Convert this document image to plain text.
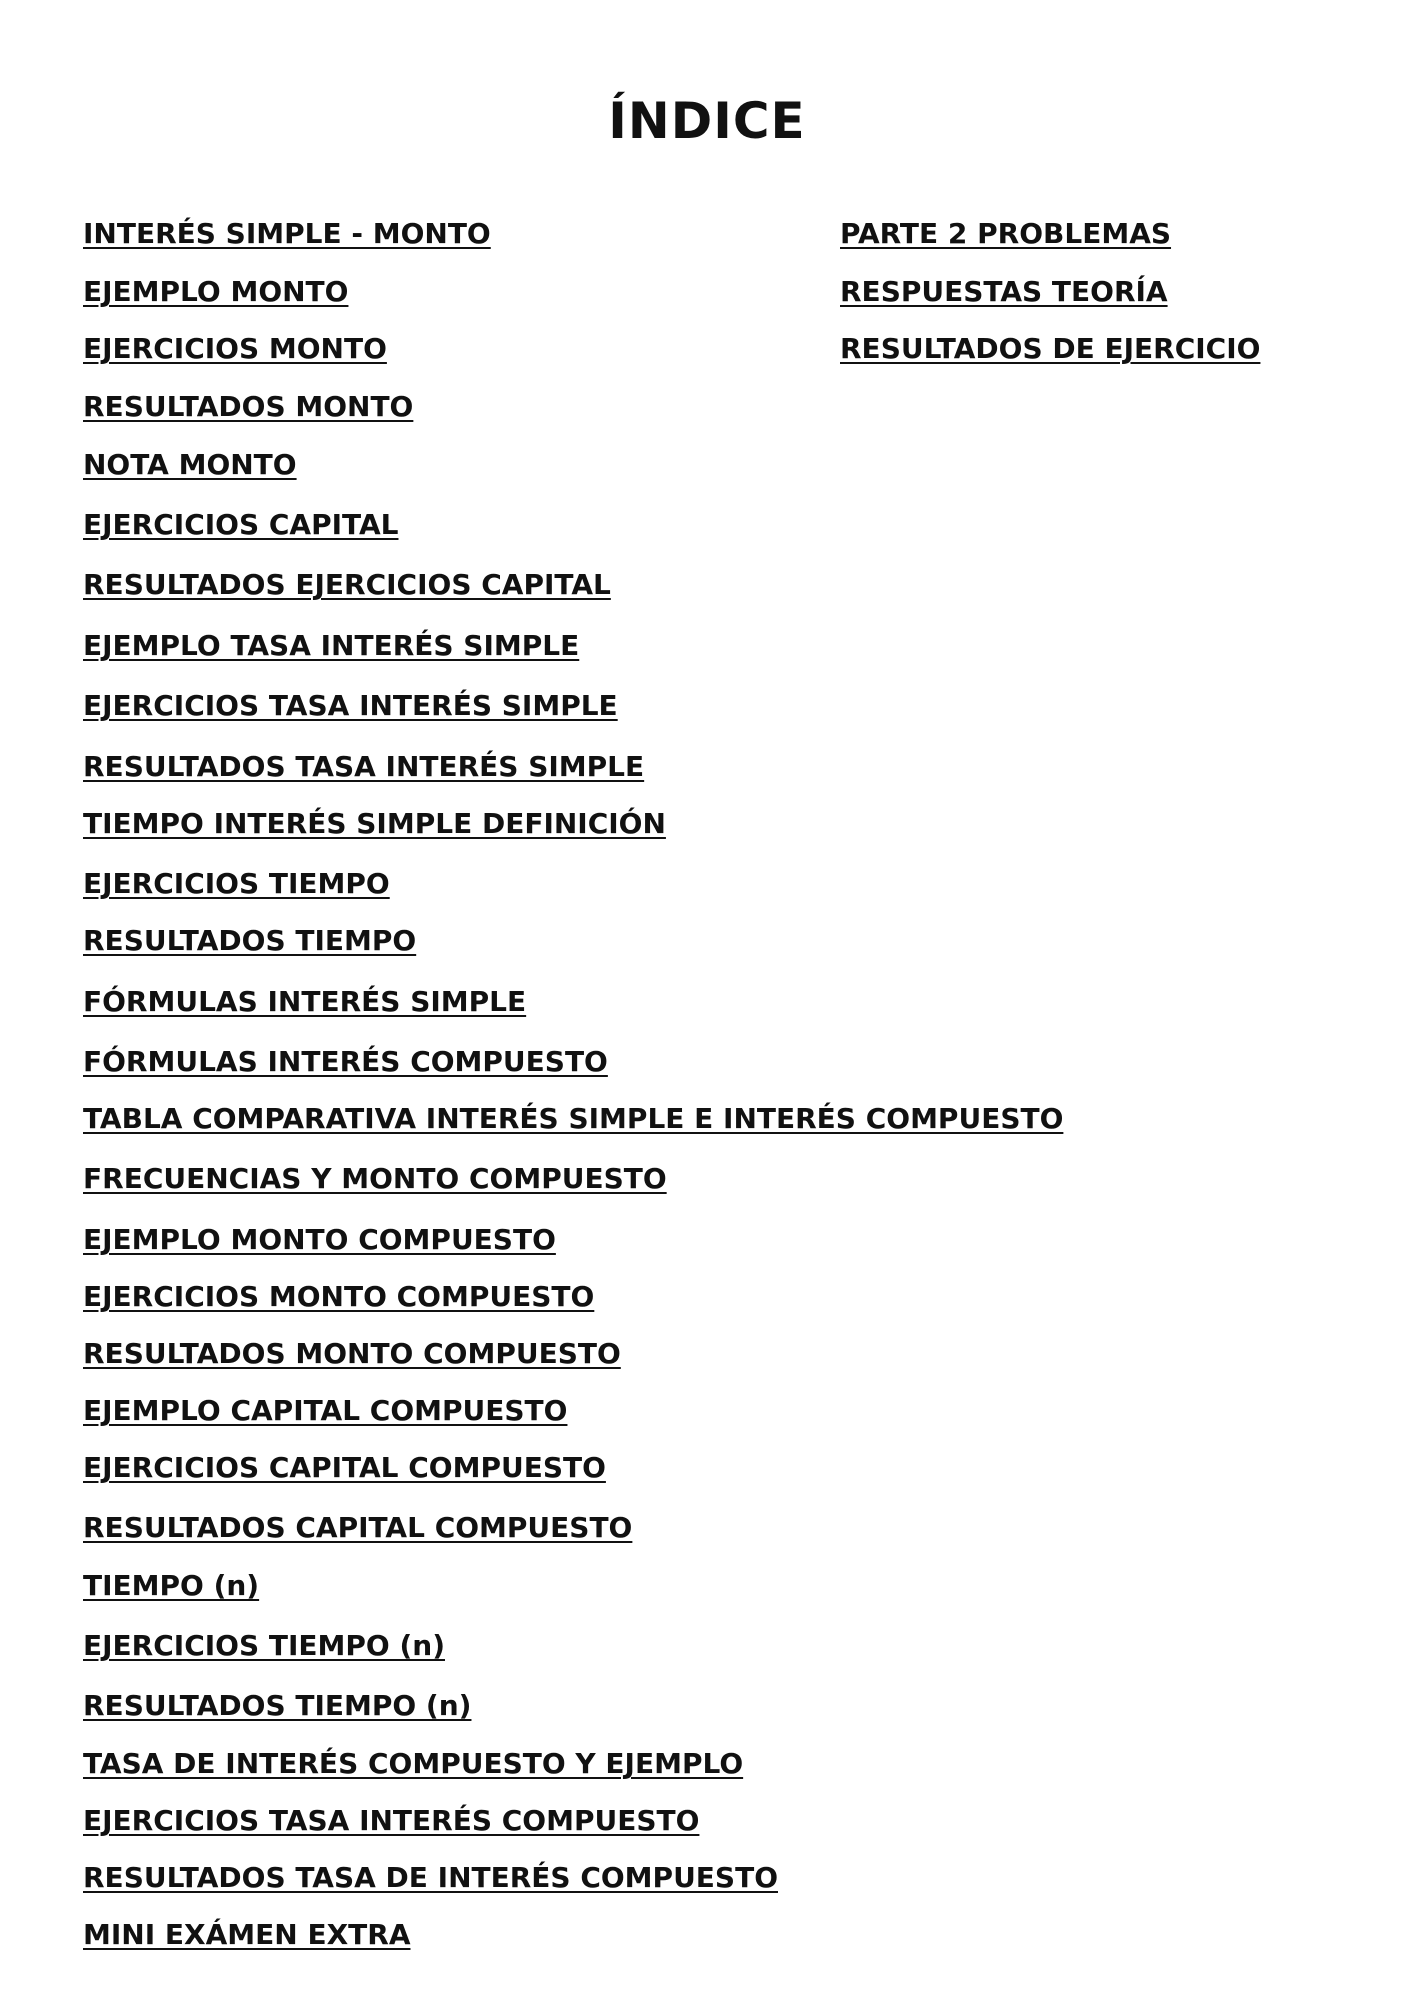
ÍNDICE
INTERÉS SIMPLE - MONTO
EJEMPLO MONTO
EJERCICIOS MONTO
RESULTADOS MONTO
NOTA MONTO
EJERCICIOS CAPITAL
RESULTADOS EJERCICIOS CAPITAL
EJEMPLO TASA INTERÉS SIMPLE
EJERCICIOS TASA INTERÉS SIMPLE
RESULTADOS TASA INTERÉS SIMPLE
TIEMPO INTERÉS SIMPLE DEFINICIÓN
EJERCICIOS TIEMPO
RESULTADOS TIEMPO
FÓRMULAS INTERÉS SIMPLE
FÓRMULAS INTERÉS COMPUESTO
TABLA COMPARATIVA INTERÉS SIMPLE E INTERÉS COMPUESTO
FRECUENCIAS Y MONTO COMPUESTO
EJEMPLO MONTO COMPUESTO
EJERCICIOS MONTO COMPUESTO
RESULTADOS MONTO COMPUESTO
EJEMPLO CAPITAL COMPUESTO
EJERCICIOS CAPITAL COMPUESTO
RESULTADOS CAPITAL COMPUESTO
TIEMPO (n)
EJERCICIOS TIEMPO (n)
RESULTADOS TIEMPO (n)
TASA DE INTERÉS COMPUESTO Y EJEMPLO
EJERCICIOS TASA INTERÉS COMPUESTO
RESULTADOS TASA DE INTERÉS COMPUESTO
MINI EXÁMEN EXTRA
PARTE 2 PROBLEMAS
RESPUESTAS TEORÍA
RESULTADOS DE EJERCICIO
